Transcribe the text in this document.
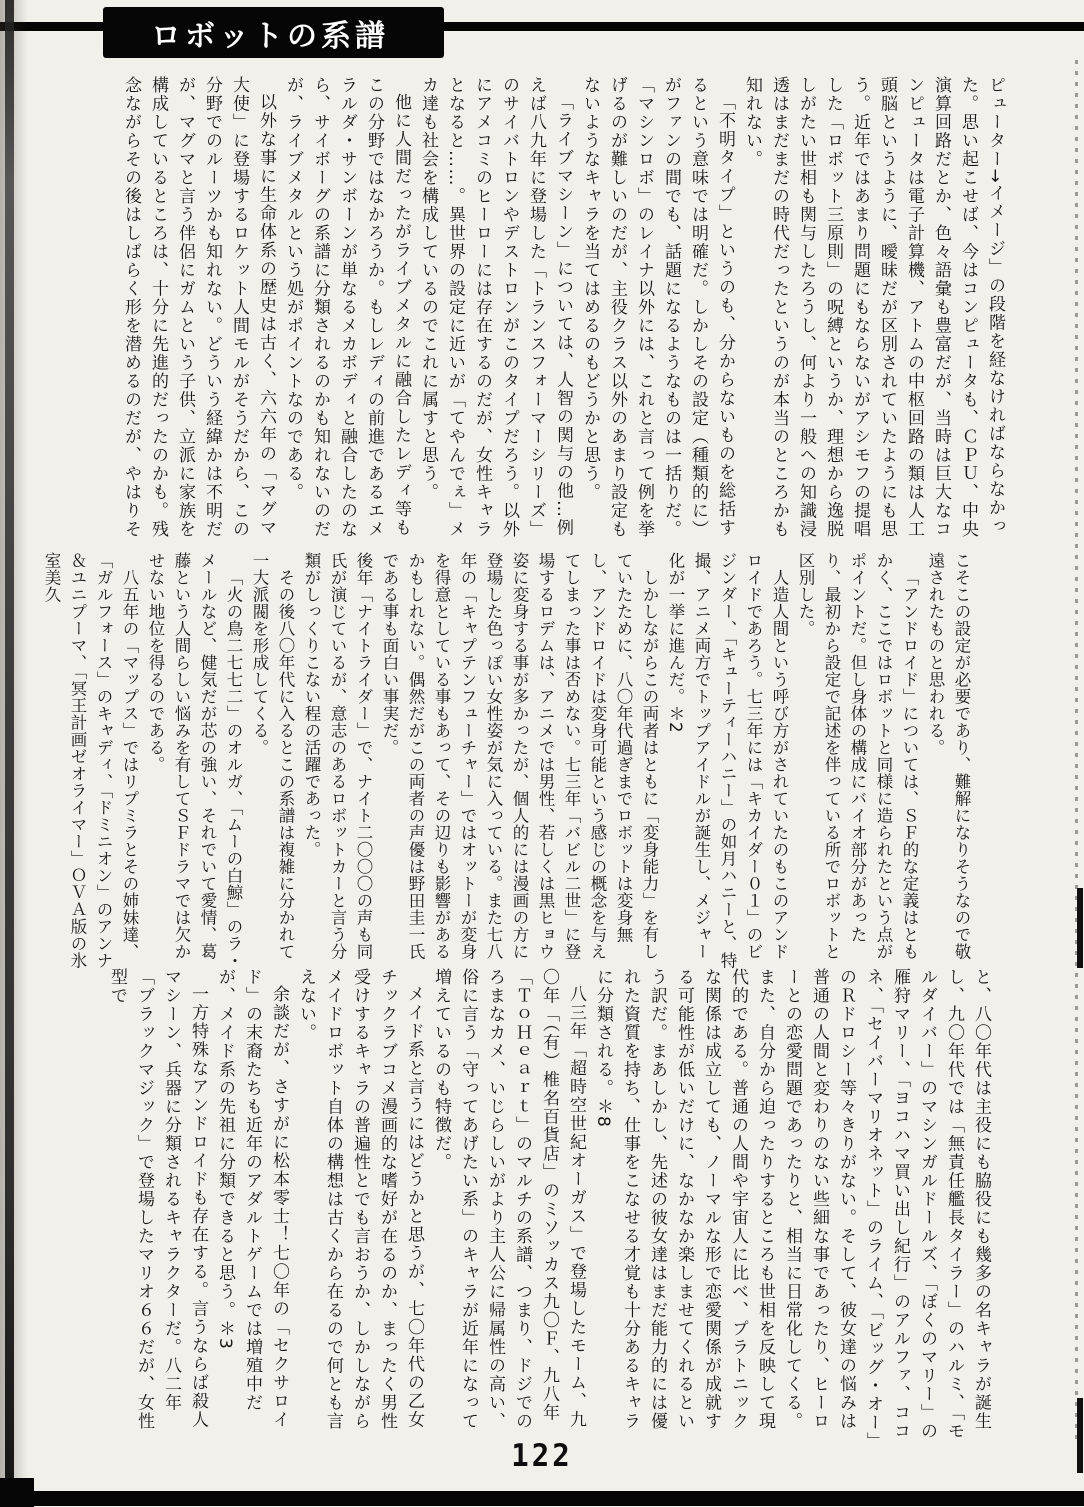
ロボットの系譜

ピューター→イメージ」の段階を経なければならなかった。思い起こせば、今はコンピュータも、ＣＰＵ、中央演算回路だとか、色々語彙も豊富だが、当時は巨大なコンピュータは電子計算機、アトムの中枢回路の類は人工頭脳というように、曖昧だが区別されていたようにも思う。近年ではあまり問題にもならないがアシモフの提唱した「ロボット三原則」の呪縛というか、理想から逸脱しがたい世相も関与したろうし、何より一般への知識浸透はまだまだの時代だったというのが本当のところかも知れない。

「不明タイプ」というのも、分からないものを総括するという意味では明確だ。しかしその設定（種類的に）がファンの間でも、話題になるようなものは一括りだ。「マシンロボ」のレイナ以外には、これと言って例を挙げるのが難しいのだが、主役クラス以外のあまり設定もないようなキャラを当てはめるのもどうかと思う。

「ライブマシーン」については、人智の関与の他…例えば八九年に登場した「トランスフォーマーシリーズ」のサイバトロンやデストロンがこのタイプだろう。以外にアメコミのヒーローには存在するのだが、女性キャラとなると……。異世界の設定に近いが「てやんでぇ」メカ達も社会を構成しているのでこれに属すと思う。

他に人間だったがライブメタルに融合したレディ等もこの分野ではなかろうか。もしレディの前進であるエメラルダ・サンボーンが単なるメカボディと融合したのなら、サイボーグの系譜に分類されるのかも知れないのだが、ライブメタルという処がポイントなのである。

以外な事に生命体系の歴史は古く、六六年の「マグマ大使」に登場するロケット人間モルがそうだから、この分野でのルーツかも知れない。どういう経緯かは不明だが、マグマと言う伴侶にガムという子供、立派に家族を構成しているところは、十分に先進的だったのかも。残念ながらその後はしばらく形を潜めるのだが、やはりそ

こそこの設定が必要であり、難解になりそうなので敬遠されたものと思われる。

「アンドロイド」については、ＳＦ的な定義はともかく、ここではロボットと同様に造られたという点がポイントだ。但し身体の構成にバイオ部分があったり、最初から設定で記述を伴っている所でロボットと区別した。

人造人間という呼び方がされていたのもこのアンドロイドであろう。七三年には「キカイダー０１」のビジンダー、「キューティーハニー」の如月ハニーと、特撮、アニメ両方でトップアイドルが誕生し、メジャー化が一挙に進んだ。＊2

しかしながらこの両者はともに「変身能力」を有していたために、八〇年代過ぎまでロボットは変身無し、アンドロイドは変身可能という感じの概念を与えてしまった事は否めない。七三年「バビル二世」に登場するロデムは、アニメでは男性、若しくは黒ヒョウ姿に変身する事が多かったが、個人的には漫画の方に登場した色っぽい女性姿が気に入っている。また七八年の「キャプテンフューチャー」ではオットーが変身を得意としている事もあって、その辺りも影響があるかもしれない。偶然だがこの両者の声優は野田圭一氏である事も面白い事実だ。

後年「ナイトライダー」で、ナイト二〇〇〇の声も同氏が演じているが、意志のあるロボットカーと言う分類がしっくりこない程の活躍であった。

その後八〇年代に入るとこの系譜は複雑に分かれて一大派閥を形成してくる。

「火の鳥二七七二」のオルガ、「ムーの白鯨」のラ・メールなど、健気だが芯の強い、それでいて愛情、葛藤という人間らしい悩みを有してＳＦドラマでは欠かせない地位を得るのである。

八五年の「マップス」ではリプミラとその姉妹達、「ガルフォース」のキャディ、「ドミニオン」のアンナ＆ユニプーマ、「冥王計画ゼオライマー」ＯＶＡ版の氷室美久

と、八〇年代は主役にも脇役にも幾多の名キャラが誕生し、九〇年代では「無責任艦長タイラー」のハルミ、「モルダイバー」のマシンガルドールズ、「ぼくのマリー」の雁狩マリー、「ヨコハマ買い出し紀行」のアルファ、ココネ、「セイバーマリオネット」のライム、「ビッグ・オー」のＲドロシー等々きりがない。そして、彼女達の悩みは普通の人間と変わりのない些細な事であったり、ヒーローとの恋愛問題であったりと、相当に日常化してくる。また、自分から迫ったりするところも世相を反映して現代的である。普通の人間や宇宙人に比べ、プラトニックな関係は成立しても、ノーマルな形で恋愛関係が成就する可能性が低いだけに、なかなか楽しませてくれるという訳だ。まあしかし、先述の彼女達はまだ能力的には優れた資質を持ち、仕事をこなせる才覚も十分あるキャラに分類される。＊8

八三年「超時空世紀オーガス」で登場したモーム、九〇年「（有）椎名百貨店」のミソッカス九〇Ｆ、九八年「ＴｏＨｅａｒｔ」のマルチの系譜、つまり、ドジでのろまなカメ、いじらしいがより主人公に帰属性の高い、俗に言う「守ってあげたい系」のキャラが近年になって増えているのも特徴だ。

メイド系と言うにはどうかと思うが、七〇年代の乙女チックラブコメ漫画的な嗜好が在るのか、まったく男性受けするキャラの普遍性とでも言おうか、しかしながらメイドロボット自体の構想は古くから在るので何とも言えない。

余談だが、さすがに松本零士！七〇年の「セクサロイド」の末裔たちも近年のアダルトゲームでは増殖中だが、メイド系の先祖に分類できると思う。＊3

一方特殊なアンドロイドも存在する。言うならば殺人マシーン、兵器に分類されるキャラクターだ。八二年「ブラックマジック」で登場したマリオ６６だが、女性型で

122
